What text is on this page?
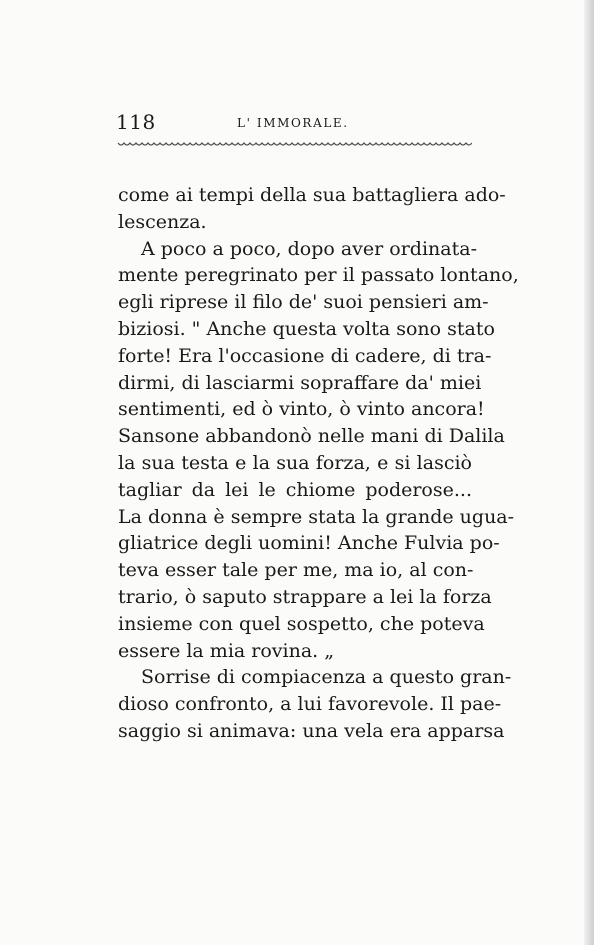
118	L' IMMORALE.
come ai tempi della sua battagliera ado-
lescenza.
A poco a poco, dopo aver ordinata-
mente peregrinato per il passato lontano,
egli riprese il filo de' suoi pensieri am-
biziosi. " Anche questa volta sono stato
forte! Era l'occasione di cadere, di tra-
dirmi, di lasciarmi sopraffare da' miei
sentimenti, ed ò vinto, ò vinto ancora!
Sansone abbandonò nelle mani di Dalila
la sua testa e la sua forza, e si lasciò
tagliar da lei le chiome poderose...
La donna è sempre stata la grande ugua-
gliatrice degli uomini! Anche Fulvia po-
teva esser tale per me, ma io, al con-
trario, ò saputo strappare a lei la forza
insieme con quel sospetto, che poteva
essere la mia rovina. „
Sorrise di compiacenza a questo gran-
dioso confronto, a lui favorevole. Il pae-
saggio si animava: una vela era apparsa
